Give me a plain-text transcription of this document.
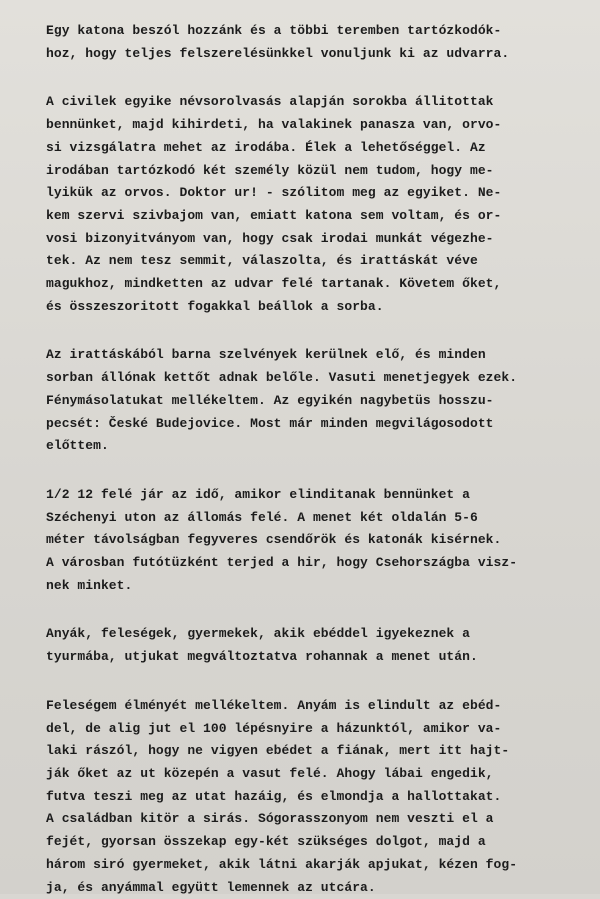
Egy katona beszól hozzánk és a többi teremben tartózkodók-
hoz, hogy teljes felszerelésünkkel vonuljunk ki az udvarra.
A civilek egyike névsorolvasás alapján sorokba állitottak
bennünket, majd kihirdeti, ha valakinek panasza van, orvo-
si vizsgálatra mehet az irodába. Élek a lehetőséggel. Az
irodában tartózkodó két személy közül nem tudom, hogy me-
lyikük az orvos. Doktor ur! - szólitom meg az egyiket. Ne-
kem szervi szivbajom van, emiatt katona sem voltam, és or-
vosi bizonyitványom van, hogy csak irodai munkát végezhe-
tek. Az nem tesz semmit, válaszolta, és irattáskát véve
magukhoz, mindketten az udvar felé tartanak. Követem őket,
és összeszoritott fogakkal beállok a sorba.
Az irattáskából barna szelvények kerülnek elő, és minden
sorban állónak kettőt adnak belőle. Vasuti menetjegyek ezek.
Fénymásolatukat mellékeltem. Az egyikén nagybetüs hosszu-
pecsét: České Budejovice. Most már minden megvilágosodott
előttem.
1/2 12 felé jár az idő, amikor elinditanak bennünket a
Széchenyi uton az állomás felé. A menet két oldalán 5-6
méter távolságban fegyveres csendőrök és katonák kisérnek.
A városban futótüzként terjed a hir, hogy Csehországba visz-
nek minket.
Anyák, feleségek, gyermekek, akik ebéddel igyekeznek a
tyurmába, utjukat megváltoztatva rohannak a menet után.
Feleségem élményét mellékeltem. Anyám is elindult az ebéd-
del, de alig jut el 100 lépésnyire a házunktól, amikor va-
laki rászól, hogy ne vigyen ebédet a fiának, mert itt hajt-
ják őket az ut közepén a vasut felé. Ahogy lábai engedik,
futva teszi meg az utat hazáig, és elmondja a hallottakat.
A családban kitör a sirás. Sógorasszonyom nem veszti el a
fejét, gyorsan összekap egy-két szükséges dolgot, majd a
három siró gyermeket, akik látni akarják apjukat, kézen fog-
ja, és anyámmal együtt lemennek az utcára.
